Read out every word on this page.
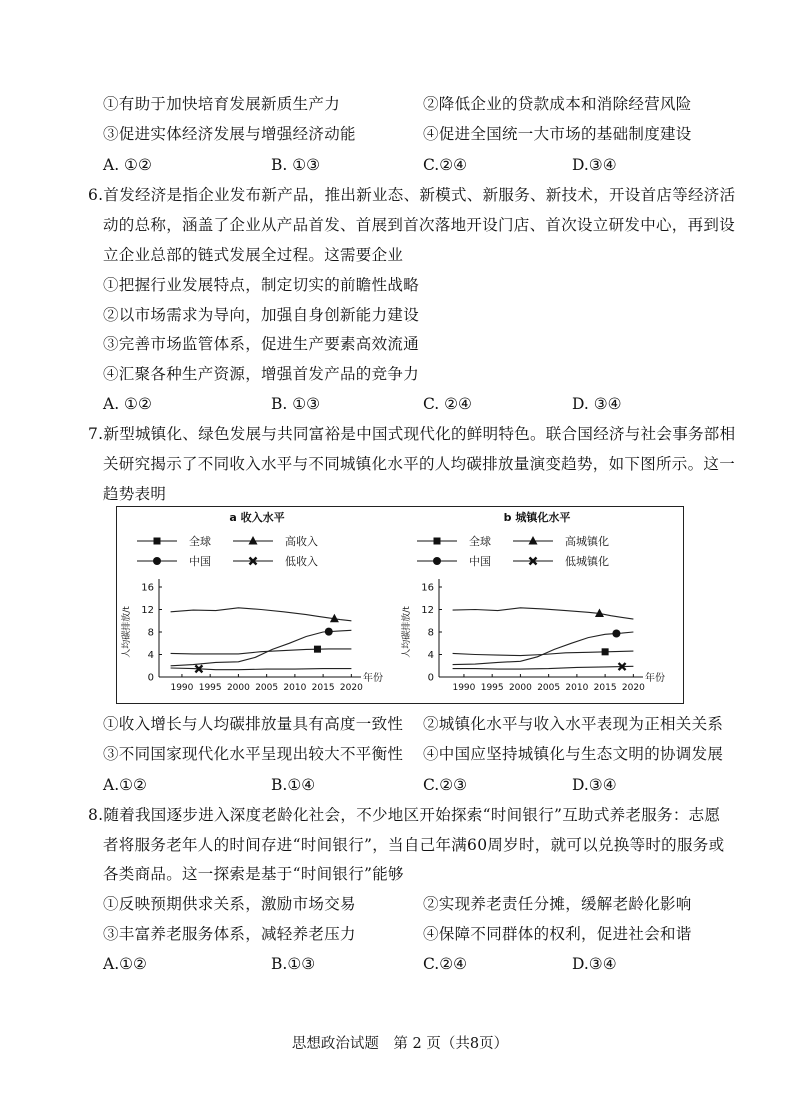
①有助于加快培育发展新质生产力	②降低企业的贷款成本和消除经营风险
③促进实体经济发展与增强经济动能	④促进全国统一大市场的基础制度建设
A. ①②	B. ①③	C.②④	D.③④
6.首发经济是指企业发布新产品，推出新业态、新模式、新服务、新技术，开设首店等经济活
动的总称，涵盖了企业从产品首发、首展到首次落地开设门店、首次设立研发中心，再到设
立企业总部的链式发展全过程。这需要企业
①把握行业发展特点，制定切实的前瞻性战略
②以市场需求为导向，加强自身创新能力建设
③完善市场监管体系，促进生产要素高效流通
④汇聚各种生产资源，增强首发产品的竞争力
A. ①②	B. ①③	C. ②④	D. ③④
7.新型城镇化、绿色发展与共同富裕是中国式现代化的鲜明特色。联合国经济与社会事务部相
关研究揭示了不同收入水平与不同城镇化水平的人均碳排放量演变趋势，如下图所示。这一
趋势表明
a 收入水平
全球	高收入
中国	低收入
人均碳排放/t
年份
0
4
8
12
16
1990 1995 2000 2005 2010 2015 2020
b 城镇化水平
全球	高城镇化
中国	低城镇化
人均碳排放/t
年份
0
4
8
12
16
1990 1995 2000 2005 2010 2015 2020
①收入增长与人均碳排放量具有高度一致性 ②城镇化水平与收入水平表现为正相关关系
③不同国家现代化水平呈现出较大不平衡性 ④中国应坚持城镇化与生态文明的协调发展
A.①②	B.①④	C.②③	D.③④
8.随着我国逐步进入深度老龄化社会，不少地区开始探索“时间银行”互助式养老服务：志愿
者将服务老年人的时间存进“时间银行”，当自己年满60周岁时，就可以兑换等时的服务或
各类商品。这一探索是基于“时间银行”能够
①反映预期供求关系，激励市场交易	②实现养老责任分摊，缓解老龄化影响
③丰富养老服务体系，减轻养老压力	④保障不同群体的权利，促进社会和谐
A.①②	B.①③	C.②④	D.③④
思想政治试题　第 2 页（共8页）
